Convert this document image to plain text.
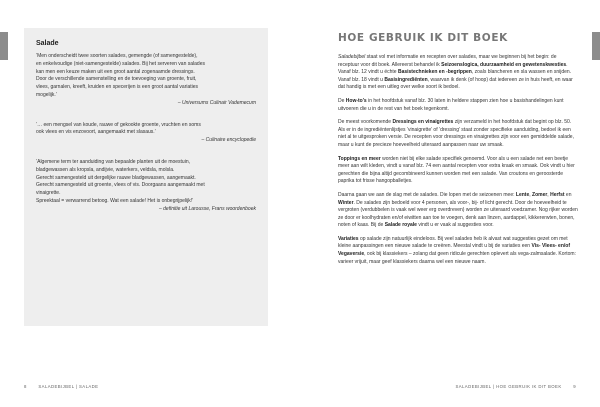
Salade

‘Men onderscheidt twee soorten salades, gemengde (of samengestelde),

en enkelvoudige (niet-samengestelde) salades. Bij het serveren van salades

kan men een keuze maken uit een groot aantal zogenaamde dressings.

Door de verschillende samenstelling en de toevoeging van groente, fruit,

vlees, garnalen, kreeft, kruiden en specerijen is een groot aantal variaties

mogelijk.’

– Universums Culinair Vademecum

‘… een mengsel van koude, rauwe of gekookte groente, vruchten en soms

ook vlees en vis enzovoort, aangemaakt met slasaus.’

– Culinaire encyclopedie

‘Algemene term ter aanduiding van bepaalde planten uit de moestuin,

bladgewassen als kropsla, andijvie, waterkers, veldsla, molsla.

Gerecht samengesteld uit dergelijke rauwe bladgewassen, aangemaakt.

Gerecht samengesteld uit groente, vlees of vis. Doorgaans aangemaakt met

vinaigrette.

Spreektaal = verwarrend betoog. Wat een salade! Het is onbegrijpelijk!’

– definitie uit Larousse, Frans woordenboek

HOE GEBRUIK IK DIT BOEK
Saladebijbel staat vol met informatie en recepten over salades, maar we beginnen bij het begin: de receptuur voor dit boek. Allereerst behandel ik Seizoenslogica, duurzaamheid en gewetenskwesties. Vanaf blz. 12 vindt u échte Basistechnieken en -begrippen, zoals blancheren en sla wassen en snijden. Vanaf blz. 18 vindt u Basisingrediënten, waarvan ik denk (of hoop) dat iedereen ze in huis heeft, en waar dat handig is met een uitleg over welke soort ik bedoel.
De How-to’s in het hoofdstuk vanaf blz. 30 laten in heldere stappen zien hoe u basishandelingen kunt uitvoeren die u in de rest van het boek tegenkomt.
De meest voorkomende Dressings en vinaigrettes zijn verzameld in het hoofdstuk dat begint op blz. 50. Als er in de ingrediëntenlijstjes ‘vinaigrette’ of ‘dressing’ staat zonder specifieke aanduiding, bedoel ik een niet al te uitgesproken versie. De recepten voor dressings en vinaigrettes zijn voor een gemiddelde salade, maar u kunt de precieze hoeveelheid uiteraard aanpassen naar uw smaak.
Toppings en meer worden niet bij elke salade specifiek genoemd. Voor als u een salade net een beetje meer aan wilt kleden, vindt u vanaf blz. 74 een aantal recepten voor extra kraak en smaak. Ook vindt u hier gerechten die bijna altijd gecombineerd kunnen worden met een salade. Van croutons en geroosterde paprika tot frisse hangopballetjes.
Daarna gaan we aan de slag met de salades. Die lopen met de seizoenen mee: Lente, Zomer, Herfst en Winter. De salades zijn bedoeld voor 4 personen, als voor-, bij- of licht gerecht. Door de hoeveelheid te vergroten (verdubbelen is vaak wel weer erg overdreven) worden ze uiteraard voedzamer. Nog rijker worden ze door er koolhydraten en/of eiwitten aan toe te voegen, denk aan linzen, aardappel, kikkererwten, bonen, noten of kaas. Bij de Salade royale vindt u er vaak al suggesties voor.
Variaties op salade zijn natuurlijk eindeloos. Bij veel salades heb ik alvast wat suggesties gezet om met kleine aanpassingen een nieuwe salade te creëren. Meestal vindt u bij de variaties een Vis- Vlees- en/of Vegaversie, ook bij klassiekers – zolang dat geen ridicule gerechten oplevert als vega-zalmsalade. Kortom: varieer vrijuit, maar geef klassiekers daarna wel een nieuwe naam.
8	SALADEBIJBEL | SALADE	SALADEBIJBEL | HOE GEBRUIK IK DIT BOEK	9
